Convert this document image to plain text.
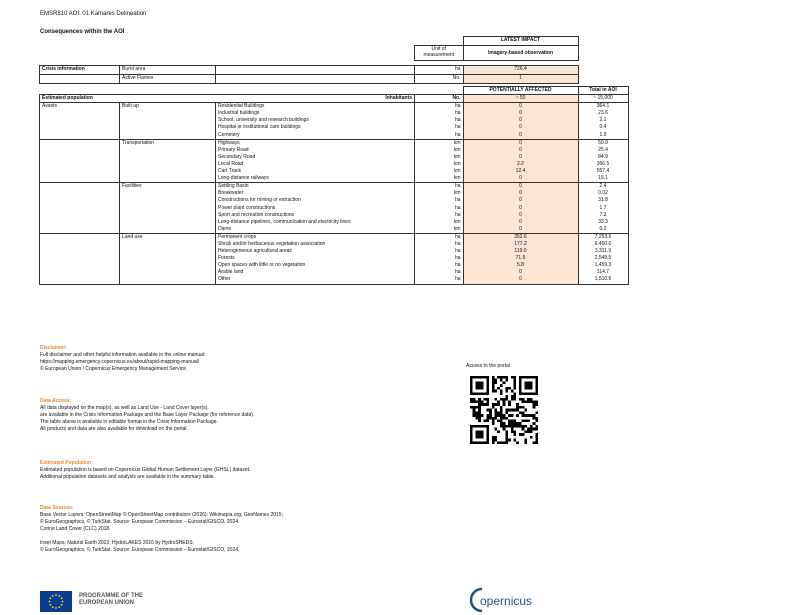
EMSR810 AOI: 01 Kamares Delineation
Consequences within the AOI
				LATEST IMPACT
			Unit of measurement	Imagery-based observation

Crisis information	Burnt area		ha	726.4
	Active Flames		No.	1
				POTENTIALLY AFFECTED	Total in AOI
Estimated population		Inhabitants	No.	~ 50	~ 15,000
Assets	Built-up	Residential Buildings	ha	0	364.1
		Industrial buildings	ha	0	23.6
		School, university and research buildings	ha	0	2.1
		Hospital or institutional care buildings	ha	0	0.4
		Cemetery	ha	0	1.9
	Transportation	Highways	km	0	50.9
		Primary Road	km	0	25.4
		Secondary Road	km	0	84.9
		Local Road	km	2.2	366.5
		Cart Track	km	12.4	557.4
		Long-distance railways	km	0	15.1
	Facilities	Settling Basin	ha	0	2.4
		Breakwater	km	0	0.02
		Constructions for mining or extraction	ha	0	31.8
		Power plant constructions	ha	0	1.7
		Sport and recreation constructions	ha	0	7.3
		Long-distance pipelines, communication and electricity lines	km	0	33.3
		Dams	km	0	0.2
	Land use	Permanent crops	ha	352.6	7,253.6
		Shrub and/or herbaceous vegetation association	ha	177.2	6,450.0
		Heterogeneous agricultural areas	ha	119.0	3,311.9
		Forests	ha	71.9	2,549.5
		Open spaces with little or no vegetation	ha	5.8	1,459.3
		Arable land	ha	0	114.7
		Other	ha	0	1,510.6
Disclaimer:
Full disclaimer and other helpful information available in the online manual:
https://mapping.emergency.copernicus.eu/about/rapid-mapping-manual/
© European Union / Copernicus Emergency Management Service
Data Access:
All data displayed on the map(s), as well as Land Use - Land Cover layer(s),
are available in the Crisis Information Package and the Base Layer Package (for reference data).
The table above is available in editable format in the Crisis Information Package.
All products and data are also available for download on the portal.
Estimated Population:
Estimated population is based on Copernicus Global Human Settlement Layer (GHSL) dataset.
Additional population datasets and analysis are available in the summary table.
Data Sources:
Base Vector Layers: OpenStreetMap © OpenStreetMap contributors (2026); Wikimapia.org; GeoNames 2015;
© EuroGeographics, © TurkStat. Source: European Commission – Eurostat/GISCO, 2024.
Corine Land Cover (CLC) 2018.
Inset Maps: Natural Earth 2023; HydroLAKES 2016 by HydroSHEDS;
© EuroGeographics, © TurkStat. Source: European Commission – Eurostat/GISCO, 2024.
Access to the portal
PROGRAMME OF THE
EUROPEAN UNION	opernicus
